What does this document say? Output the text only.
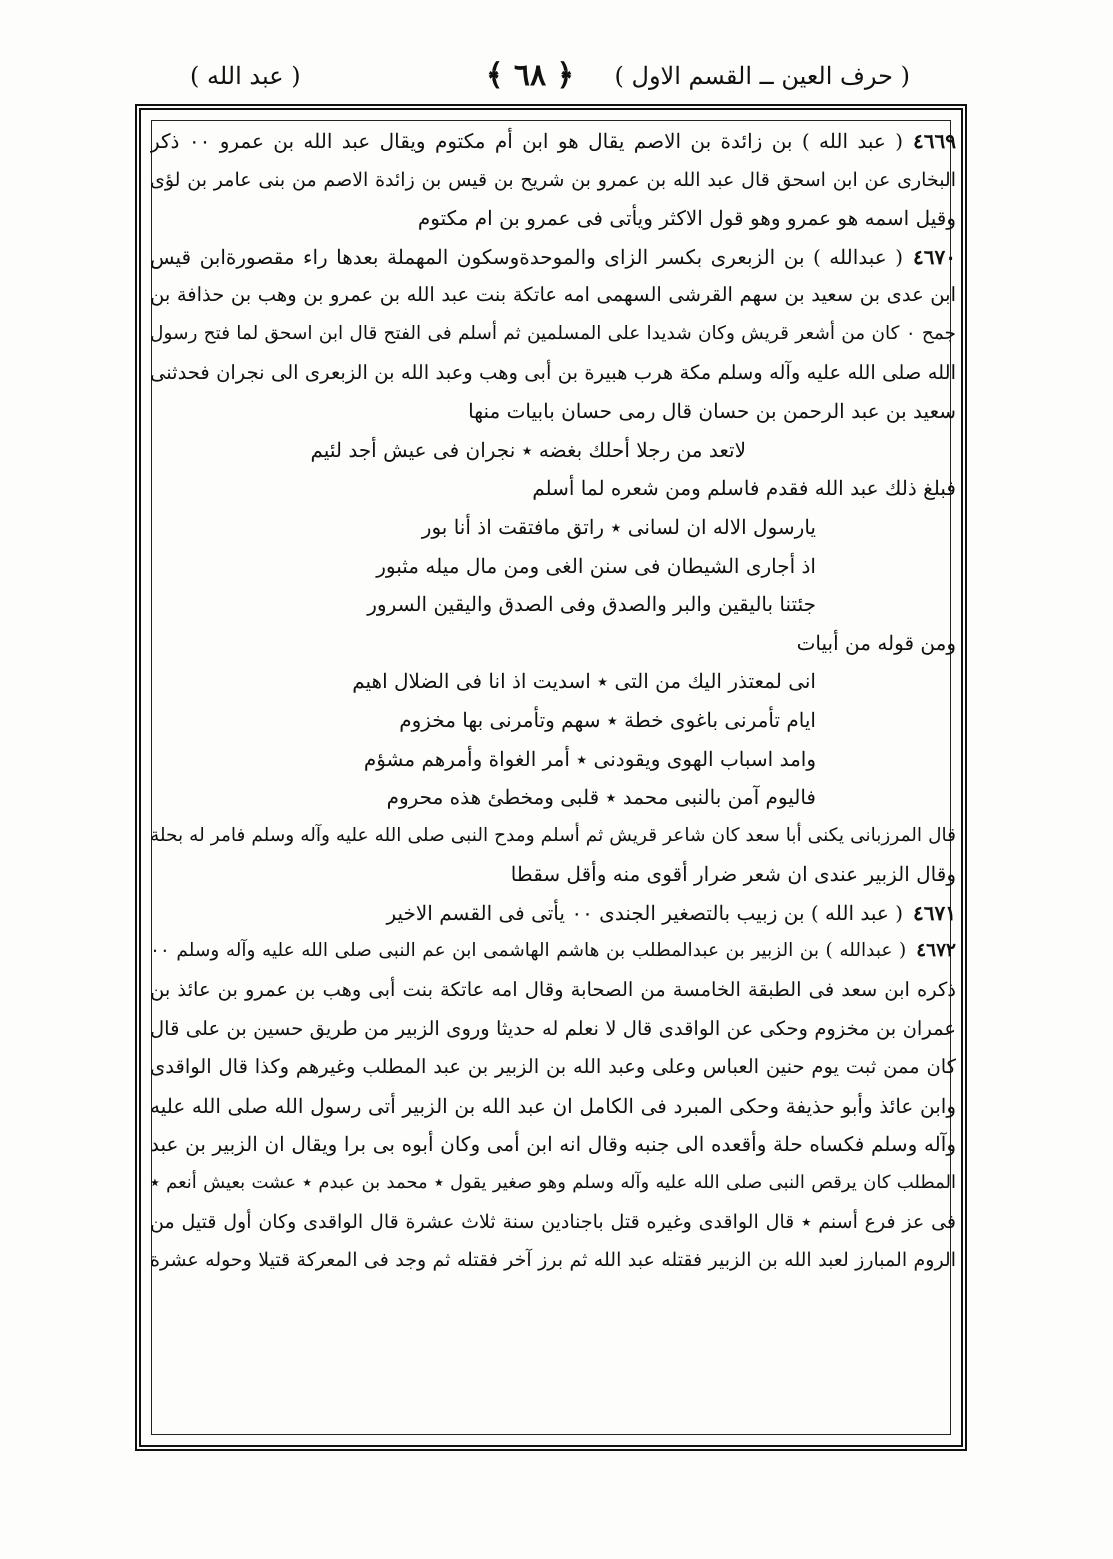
( حرف العين ــ القسم الاول )
﴿ ٦٨ ﴾
( عبد الله )
٤٦٦٩( عبد الله ) بن زائدة بن الاصم يقال هو ابن أم مكتوم ويقال عبد الله بن عمرو ٠٠ ذكر
البخارى عن ابن اسحق قال عبد الله بن عمرو بن شريح بن قيس بن زائدة الاصم من بنى عامر بن لؤى
وقيل اسمه هو عمرو وهو قول الاكثر ويأتى فى عمرو بن ام مكتوم
٤٦٧٠( عبدالله ) بن الزبعرى بكسر الزاى والموحدةوسكون المهملة بعدها راء مقصورةابن قيس
ابن عدى بن سعيد بن سهم القرشى السهمى امه عاتكة بنت عبد الله بن عمرو بن وهب بن حذافة بن
جمح ٠ كان من أشعر قريش وكان شديدا على المسلمين ثم أسلم فى الفتح قال ابن اسحق لما فتح رسول
الله صلى الله عليه وآله وسلم مكة هرب هبيرة بن أبى وهب وعبد الله بن الزبعرى الى نجران فحدثنى
سعيد بن عبد الرحمن بن حسان قال رمى حسان بابيات منها
لاتعد من رجلا أحلك بغضه ٭ نجران فى عيش أجد لئيم
فبلغ ذلك عبد الله فقدم فاسلم ومن شعره لما أسلم
يارسول الاله ان لسانى ٭ راتق مافتقت اذ أنا بور
اذ أجارى الشيطان فى سنن الغى ومن مال ميله مثبور
جئتنا باليقين والبر والصدق وفى الصدق واليقين السرور
ومن قوله من أبيات
انى لمعتذر اليك من التى ٭ اسديت اذ انا فى الضلال اهيم
ايام تأمرنى باغوى خطة ٭ سهم وتأمرنى بها مخزوم
وامد اسباب الهوى ويقودنى ٭ أمر الغواة وأمرهم مشؤم
فاليوم آمن بالنبى محمد ٭ قلبى ومخطئ هذه محروم
قال المرزبانى يكنى أبا سعد كان شاعر قريش ثم أسلم ومدح النبى صلى الله عليه وآله وسلم فامر له بحلة
وقال الزبير عندى ان شعر ضرار أقوى منه وأقل سقطا
٤٦٧١( عبد الله ) بن زبيب بالتصغير الجندى ٠٠ يأتى فى القسم الاخير
٤٦٧٢( عبدالله ) بن الزبير بن عبدالمطلب بن هاشم الهاشمى ابن عم النبى صلى الله عليه وآله وسلم ٠٠
ذكره ابن سعد فى الطبقة الخامسة من الصحابة وقال امه عاتكة بنت أبى وهب بن عمرو بن عائذ بن
عمران بن مخزوم وحكى عن الواقدى قال لا نعلم له حديثا وروى الزبير من طريق حسين بن على قال
كان ممن ثبت يوم حنين العباس وعلى وعبد الله بن الزبير بن عبد المطلب وغيرهم وكذا قال الواقدى
وابن عائذ وأبو حذيفة وحكى المبرد فى الكامل ان عبد الله بن الزبير أتى رسول الله صلى الله عليه
وآله وسلم فكساه حلة وأقعده الى جنبه وقال انه ابن أمى وكان أبوه بى برا ويقال ان الزبير بن عبد
المطلب كان يرقص النبى صلى الله عليه وآله وسلم وهو صغير يقول ٭ محمد بن عبدم ٭ عشت بعيش أنعم ٭
فى عز فرع أسنم ٭ قال الواقدى وغيره قتل باجنادين سنة ثلاث عشرة قال الواقدى وكان أول قتيل من
الروم المبارز لعبد الله بن الزبير فقتله عبد الله ثم برز آخر فقتله ثم وجد فى المعركة قتيلا وحوله عشرة
